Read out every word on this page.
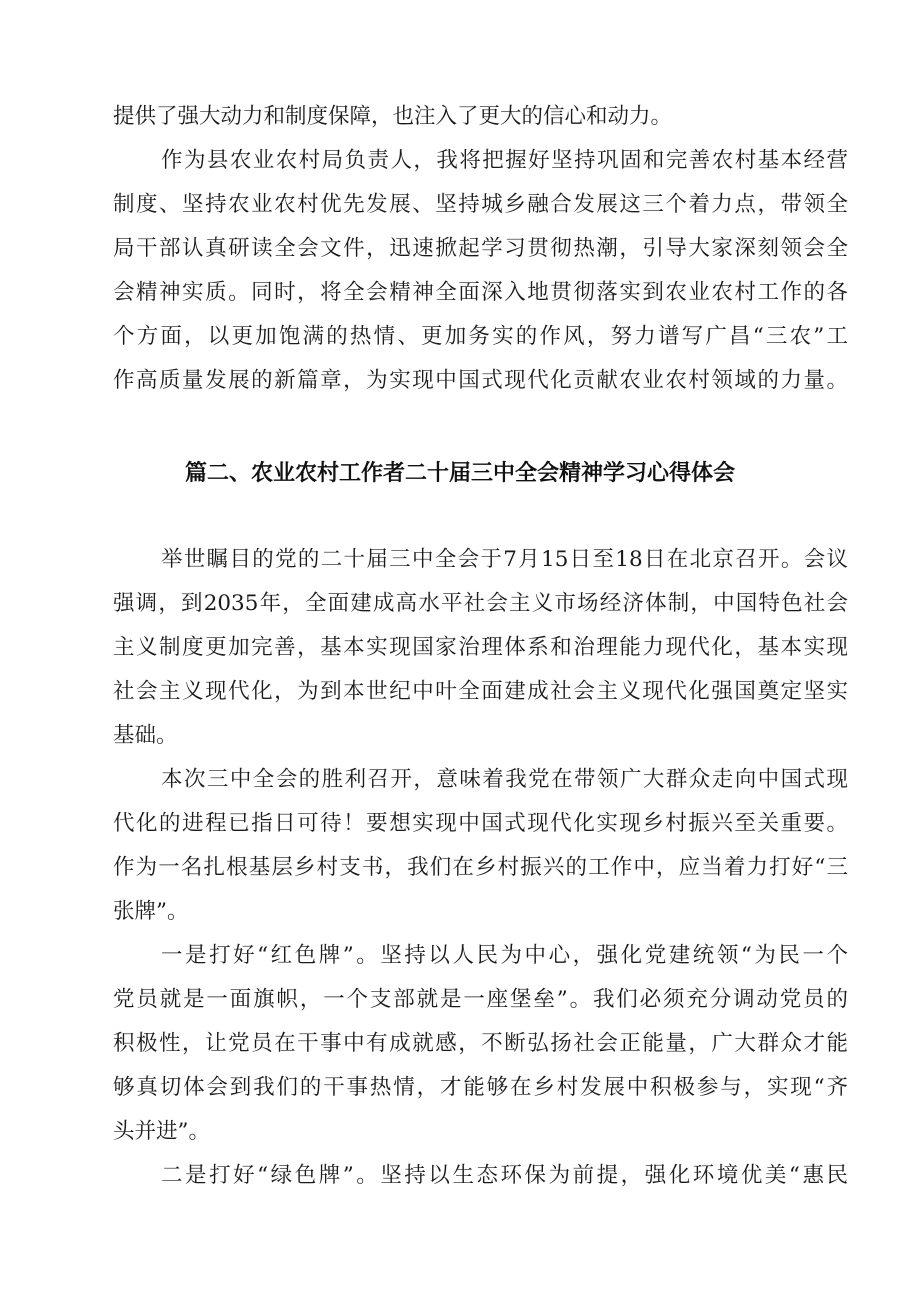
提供了强大动力和制度保障，也注入了更大的信心和动力。
作为县农业农村局负责人，我将把握好坚持巩固和完善农村基本经营
制度、坚持农业农村优先发展、坚持城乡融合发展这三个着力点，带领全
局干部认真研读全会文件，迅速掀起学习贯彻热潮，引导大家深刻领会全
会精神实质。同时，将全会精神全面深入地贯彻落实到农业农村工作的各
个方面，以更加饱满的热情、更加务实的作风，努力谱写广昌“三农”工
作高质量发展的新篇章，为实现中国式现代化贡献农业农村领域的力量。
篇二、农业农村工作者二十届三中全会精神学习心得体会
举世瞩目的党的二十届三中全会于7月15日至18日在北京召开。会议
强调，到2035年，全面建成高水平社会主义市场经济体制，中国特色社会
主义制度更加完善，基本实现国家治理体系和治理能力现代化，基本实现
社会主义现代化，为到本世纪中叶全面建成社会主义现代化强国奠定坚实
基础。
本次三中全会的胜利召开，意味着我党在带领广大群众走向中国式现
代化的进程已指日可待！要想实现中国式现代化实现乡村振兴至关重要。
作为一名扎根基层乡村支书，我们在乡村振兴的工作中，应当着力打好“三
张牌”。
一是打好“红色牌”。坚持以人民为中心，强化党建统领“为民一个
党员就是一面旗帜，一个支部就是一座堡垒”。我们必须充分调动党员的
积极性，让党员在干事中有成就感，不断弘扬社会正能量，广大群众才能
够真切体会到我们的干事热情，才能够在乡村发展中积极参与，实现“齐
头并进”。
二是打好“绿色牌”。坚持以生态环保为前提，强化环境优美“惠民
